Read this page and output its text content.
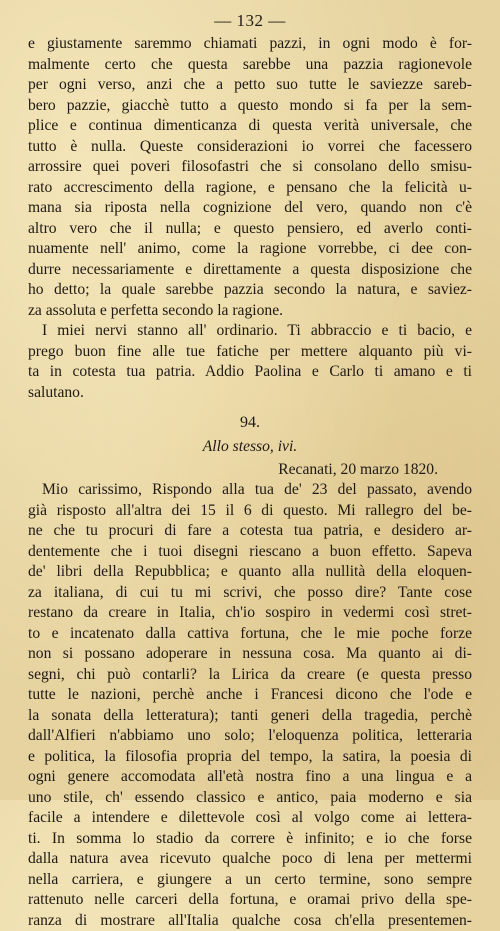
— 132 —
e giustamente saremmo chiamati pazzi, in ogni modo è for-
malmente certo che questa sarebbe una pazzia ragionevole
per ogni verso, anzi che a petto suo tutte le saviezze sareb-
bero pazzie, giacchè tutto a questo mondo si fa per la sem-
plice e continua dimenticanza di questa verità universale, che
tutto è nulla. Queste considerazioni io vorrei che facessero
arrossire quei poveri filosofastri che si consolano dello smisu-
rato accrescimento della ragione, e pensano che la felicità u-
mana sia riposta nella cognizione del vero, quando non c'è
altro vero che il nulla; e questo pensiero, ed averlo conti-
nuamente nell' animo, come la ragione vorrebbe, ci dee con-
durre necessariamente e direttamente a questa disposizione che
ho detto; la quale sarebbe pazzia secondo la natura, e saviez-
za assoluta e perfetta secondo la ragione.
I miei nervi stanno all' ordinario. Ti abbraccio e ti bacio, e
prego buon fine alle tue fatiche per mettere alquanto più vi-
ta in cotesta tua patria. Addio Paolina e Carlo ti amano e ti
salutano.
94.
Allo stesso, ivi.
Recanati, 20 marzo 1820.
Mio carissimo, Rispondo alla tua de' 23 del passato, avendo
già risposto all'altra dei 15 il 6 di questo. Mi rallegro del be-
ne che tu procuri di fare a cotesta tua patria, e desidero ar-
dentemente che i tuoi disegni riescano a buon effetto. Sapeva
de' libri della Repubblica; e quanto alla nullità della eloquen-
za italiana, di cui tu mi scrivi, che posso dire? Tante cose
restano da creare in Italia, ch'io sospiro in vedermi così stret-
to e incatenato dalla cattiva fortuna, che le mie poche forze
non si possano adoperare in nessuna cosa. Ma quanto ai di-
segni, chi può contarli? la Lirica da creare (e questa presso
tutte le nazioni, perchè anche i Francesi dicono che l'ode e
la sonata della letteratura); tanti generi della tragedia, perchè
dall'Alfieri n'abbiamo uno solo; l'eloquenza politica, letteraria
e politica, la filosofia propria del tempo, la satira, la poesia di
ogni genere accomodata all'età nostra fino a una lingua e a
uno stile, ch' essendo classico e antico, paia moderno e sia
facile a intendere e dilettevole così al volgo come ai lettera-
ti. In somma lo stadio da correre è infinito; e io che forse
dalla natura avea ricevuto qualche poco di lena per mettermi
nella carriera, e giungere a un certo termine, sono sempre
rattenuto nelle carceri della fortuna, e oramai privo della spe-
ranza di mostrare all'Italia qualche cosa ch'ella presentemen-
